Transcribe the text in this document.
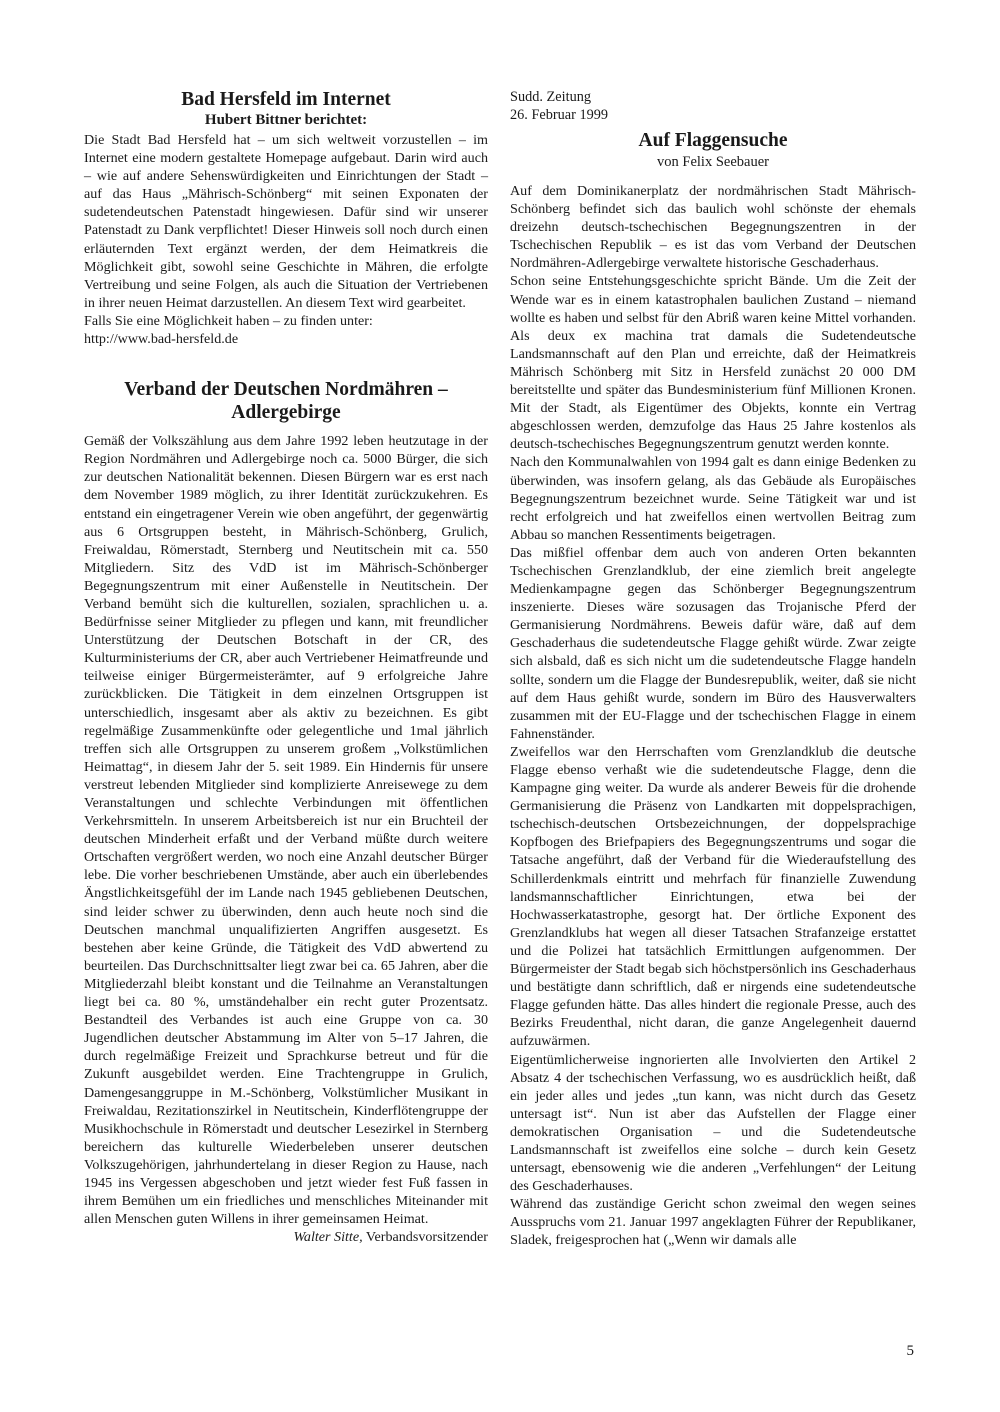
Bad Hersfeld im Internet
Hubert Bittner berichtet:

Die Stadt Bad Hersfeld hat – um sich weltweit vorzustellen – im Internet eine modern gestaltete Homepage aufgebaut. Darin wird auch – wie auf andere Sehenswürdigkeiten und Einrichtungen der Stadt – auf das Haus „Mährisch-Schönberg“ mit seinen Exponaten der sudetendeutschen Patenstadt hingewiesen. Dafür sind wir unserer Patenstadt zu Dank verpflichtet! Dieser Hinweis soll noch durch einen erläuternden Text ergänzt werden, der dem Heimatkreis die Möglichkeit gibt, sowohl seine Geschichte in Mähren, die erfolgte Vertreibung und seine Folgen, als auch die Situation der Vertriebenen in ihrer neuen Heimat darzustellen. An diesem Text wird gearbeitet.

Falls Sie eine Möglichkeit haben – zu finden unter:

http://www.bad-hersfeld.de

Verband der Deutschen Nordmähren –
Adlergebirge

Gemäß der Volkszählung aus dem Jahre 1992 leben heutzutage in der Region Nordmähren und Adlergebirge noch ca. 5000 Bürger, die sich zur deutschen Nationalität bekennen. Diesen Bürgern war es erst nach dem November 1989 möglich, zu ihrer Identität zurückzukehren. Es entstand ein eingetragener Verein wie oben angeführt, der gegenwärtig aus 6 Ortsgruppen besteht, in Mährisch-Schönberg, Grulich, Freiwaldau, Römerstadt, Sternberg und Neutitschein mit ca. 550 Mitgliedern. Sitz des VdD ist im Mährisch-Schönberger Begegnungszentrum mit einer Außenstelle in Neutitschein. Der Verband bemüht sich die kulturellen, sozialen, sprachlichen u. a. Bedürfnisse seiner Mitglieder zu pflegen und kann, mit freundlicher Unterstützung der Deutschen Botschaft in der CR, des Kulturministeriums der CR, aber auch Vertriebener Heimatfreunde und teilweise einiger Bürgermeisterämter, auf 9 erfolgreiche Jahre zurückblicken. Die Tätigkeit in dem einzelnen Ortsgruppen ist unterschiedlich, insgesamt aber als aktiv zu bezeichnen. Es gibt regelmäßige Zusammenkünfte oder gelegentliche und 1mal jährlich treffen sich alle Ortsgruppen zu unserem großem „Volkstümlichen Heimattag“, in diesem Jahr der 5. seit 1989. Ein Hindernis für unsere verstreut lebenden Mitglieder sind komplizierte Anreisewege zu dem Veranstaltungen und schlechte Verbindungen mit öffentlichen Verkehrsmitteln. In unserem Arbeitsbereich ist nur ein Bruchteil der deutschen Minderheit erfaßt und der Verband müßte durch weitere Ortschaften vergrößert werden, wo noch eine Anzahl deutscher Bürger lebe. Die vorher beschriebenen Umstände, aber auch ein überlebendes Ängstlichkeitsgefühl der im Lande nach 1945 gebliebenen Deutschen, sind leider schwer zu überwinden, denn auch heute noch sind die Deutschen manchmal unqualifizierten Angriffen ausgesetzt. Es bestehen aber keine Gründe, die Tätigkeit des VdD abwertend zu beurteilen. Das Durchschnittsalter liegt zwar bei ca. 65 Jahren, aber die Mitgliederzahl bleibt konstant und die Teilnahme an Veranstaltungen liegt bei ca. 80 %, umständehalber ein recht guter Prozentsatz. Bestandteil des Verbandes ist auch eine Gruppe von ca. 30 Jugendlichen deutscher Abstammung im Alter von 5–17 Jahren, die durch regelmäßige Freizeit und Sprachkurse betreut und für die Zukunft ausgebildet werden. Eine Trachtengruppe in Grulich, Damengesanggruppe in M.-Schönberg, Volkstümlicher Musikant in Freiwaldau, Rezitationszirkel in Neutitschein, Kinderflötengruppe der Musikhochschule in Römerstadt und deutscher Lesezirkel in Sternberg bereichern das kulturelle Wiederbeleben unserer deutschen Volkszugehörigen, jahrhundertelang in dieser Region zu Hause, nach 1945 ins Vergessen abgeschoben und jetzt wieder fest Fuß fassen in ihrem Bemühen um ein friedliches und menschliches Miteinander mit allen Menschen guten Willens in ihrer gemeinsamen Heimat.

Walter Sitte, Verbandsvorsitzender
Sudd. Zeitung
26. Februar 1999
Auf Flaggensuche
von Felix Seebauer

Auf dem Dominikanerplatz der nordmährischen Stadt Mährisch-Schönberg befindet sich das baulich wohl schönste der ehemals dreizehn deutsch-tschechischen Begegnungszentren in der Tschechischen Republik – es ist das vom Verband der Deutschen Nordmähren-Adlergebirge verwaltete historische Geschaderhaus.

Schon seine Entstehungsgeschichte spricht Bände. Um die Zeit der Wende war es in einem katastrophalen baulichen Zustand – niemand wollte es haben und selbst für den Abriß waren keine Mittel vorhanden. Als deux ex machina trat damals die Sudetendeutsche Landsmannschaft auf den Plan und erreichte, daß der Heimatkreis Mährisch Schönberg mit Sitz in Hersfeld zunächst 20 000 DM bereitstellte und später das Bundesministerium fünf Millionen Kronen. Mit der Stadt, als Eigentümer des Objekts, konnte ein Vertrag abgeschlossen werden, demzufolge das Haus 25 Jahre kostenlos als deutsch-tschechisches Begegnungszentrum genutzt werden konnte.

Nach den Kommunalwahlen von 1994 galt es dann einige Bedenken zu überwinden, was insofern gelang, als das Gebäude als Europäisches Begegnungszentrum bezeichnet wurde. Seine Tätigkeit war und ist recht erfolgreich und hat zweifellos einen wertvollen Beitrag zum Abbau so manchen Ressentiments beigetragen.

Das mißfiel offenbar dem auch von anderen Orten bekannten Tschechischen Grenzlandklub, der eine ziemlich breit angelegte Medienkampagne gegen das Schönberger Begegnungszentrum inszenierte. Dieses wäre sozusagen das Trojanische Pferd der Germanisierung Nordmährens. Beweis dafür wäre, daß auf dem Geschaderhaus die sudetendeutsche Flagge gehißt würde. Zwar zeigte sich alsbald, daß es sich nicht um die sudetendeutsche Flagge handeln sollte, sondern um die Flagge der Bundesrepublik, weiter, daß sie nicht auf dem Haus gehißt wurde, sondern im Büro des Hausverwalters zusammen mit der EU-Flagge und der tschechischen Flagge in einem Fahnenständer.

Zweifellos war den Herrschaften vom Grenzlandklub die deutsche Flagge ebenso verhaßt wie die sudetendeutsche Flagge, denn die Kampagne ging weiter. Da wurde als anderer Beweis für die drohende Germanisierung die Präsenz von Landkarten mit doppelsprachigen, tschechisch-deutschen Ortsbezeichnungen, der doppelsprachige Kopfbogen des Briefpapiers des Begegnungszentrums und sogar die Tatsache angeführt, daß der Verband für die Wiederaufstellung des Schillerdenkmals eintritt und mehrfach für finanzielle Zuwendung landsmannschaftlicher Einrichtungen, etwa bei der Hochwasserkatastrophe, gesorgt hat. Der örtliche Exponent des Grenzlandklubs hat wegen all dieser Tatsachen Strafanzeige erstattet und die Polizei hat tatsächlich Ermittlungen aufgenommen. Der Bürgermeister der Stadt begab sich höchstpersönlich ins Geschaderhaus und bestätigte dann schriftlich, daß er nirgends eine sudetendeutsche Flagge gefunden hätte. Das alles hindert die regionale Presse, auch des Bezirks Freudenthal, nicht daran, die ganze Angelegenheit dauernd aufzuwärmen.

Eigentümlicherweise ingnorierten alle Involvierten den Artikel 2 Absatz 4 der tschechischen Verfassung, wo es ausdrücklich heißt, daß ein jeder alles und jedes „tun kann, was nicht durch das Gesetz untersagt ist“. Nun ist aber das Aufstellen der Flagge einer demokratischen Organisation – und die Sudetendeutsche Landsmannschaft ist zweifellos eine solche – durch kein Gesetz untersagt, ebensowenig wie die anderen „Verfehlungen“ der Leitung des Geschaderhauses.

Während das zuständige Gericht schon zweimal den wegen seines Ausspruchs vom 21. Januar 1997 angeklagten Führer der Republikaner, Sladek, freigesprochen hat („Wenn wir damals alle

5
